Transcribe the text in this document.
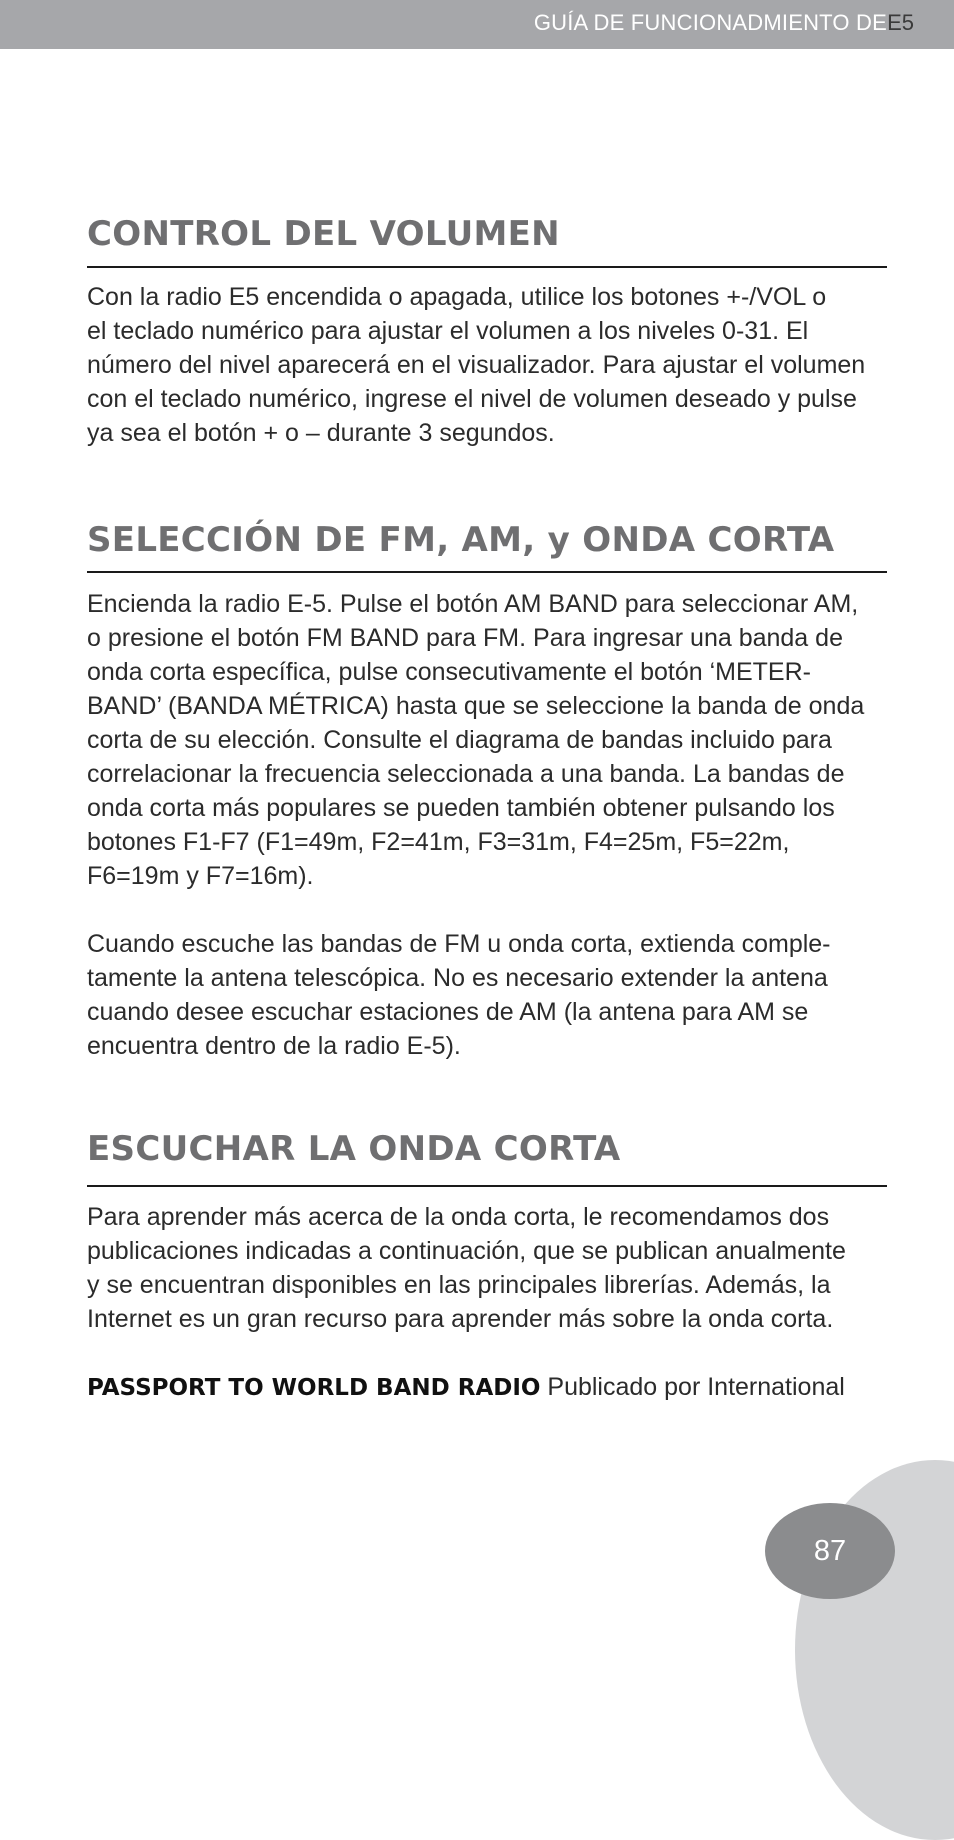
GUÍA DE FUNCIONADMIENTO DE E5
CONTROL DEL VOLUMEN

Con la radio E5 encendida o apagada, utilice los botones +-/VOL o
el teclado numérico para ajustar el volumen a los niveles 0-31. El
número del nivel aparecerá en el visualizador. Para ajustar el volumen
con el teclado numérico, ingrese el nivel de volumen deseado y pulse
ya sea el botón + o – durante 3 segundos.

SELECCIÓN DE FM, AM, y ONDA CORTA

Encienda la radio E-5. Pulse el botón AM BAND para seleccionar AM,
o presione el botón FM BAND para FM. Para ingresar una banda de
onda corta específica, pulse consecutivamente el botón ‘METER-
BAND’ (BANDA MÉTRICA) hasta que se seleccione la banda de onda
corta de su elección. Consulte el diagrama de bandas incluido para
correlacionar la frecuencia seleccionada a una banda. La bandas de
onda corta más populares se pueden también obtener pulsando los
botones F1-F7 (F1=49m, F2=41m, F3=31m, F4=25m, F5=22m,
F6=19m y F7=16m).

Cuando escuche las bandas de FM u onda corta, extienda comple-
tamente la antena telescópica. No es necesario extender la antena
cuando desee escuchar estaciones de AM (la antena para AM se
encuentra dentro de la radio E-5).

ESCUCHAR LA ONDA CORTA

Para aprender más acerca de la onda corta, le recomendamos dos
publicaciones indicadas a continuación, que se publican anualmente
y se encuentran disponibles en las principales librerías. Además, la
Internet es un gran recurso para aprender más sobre la onda corta.

PASSPORT TO WORLD BAND RADIO Publicado por International

87
